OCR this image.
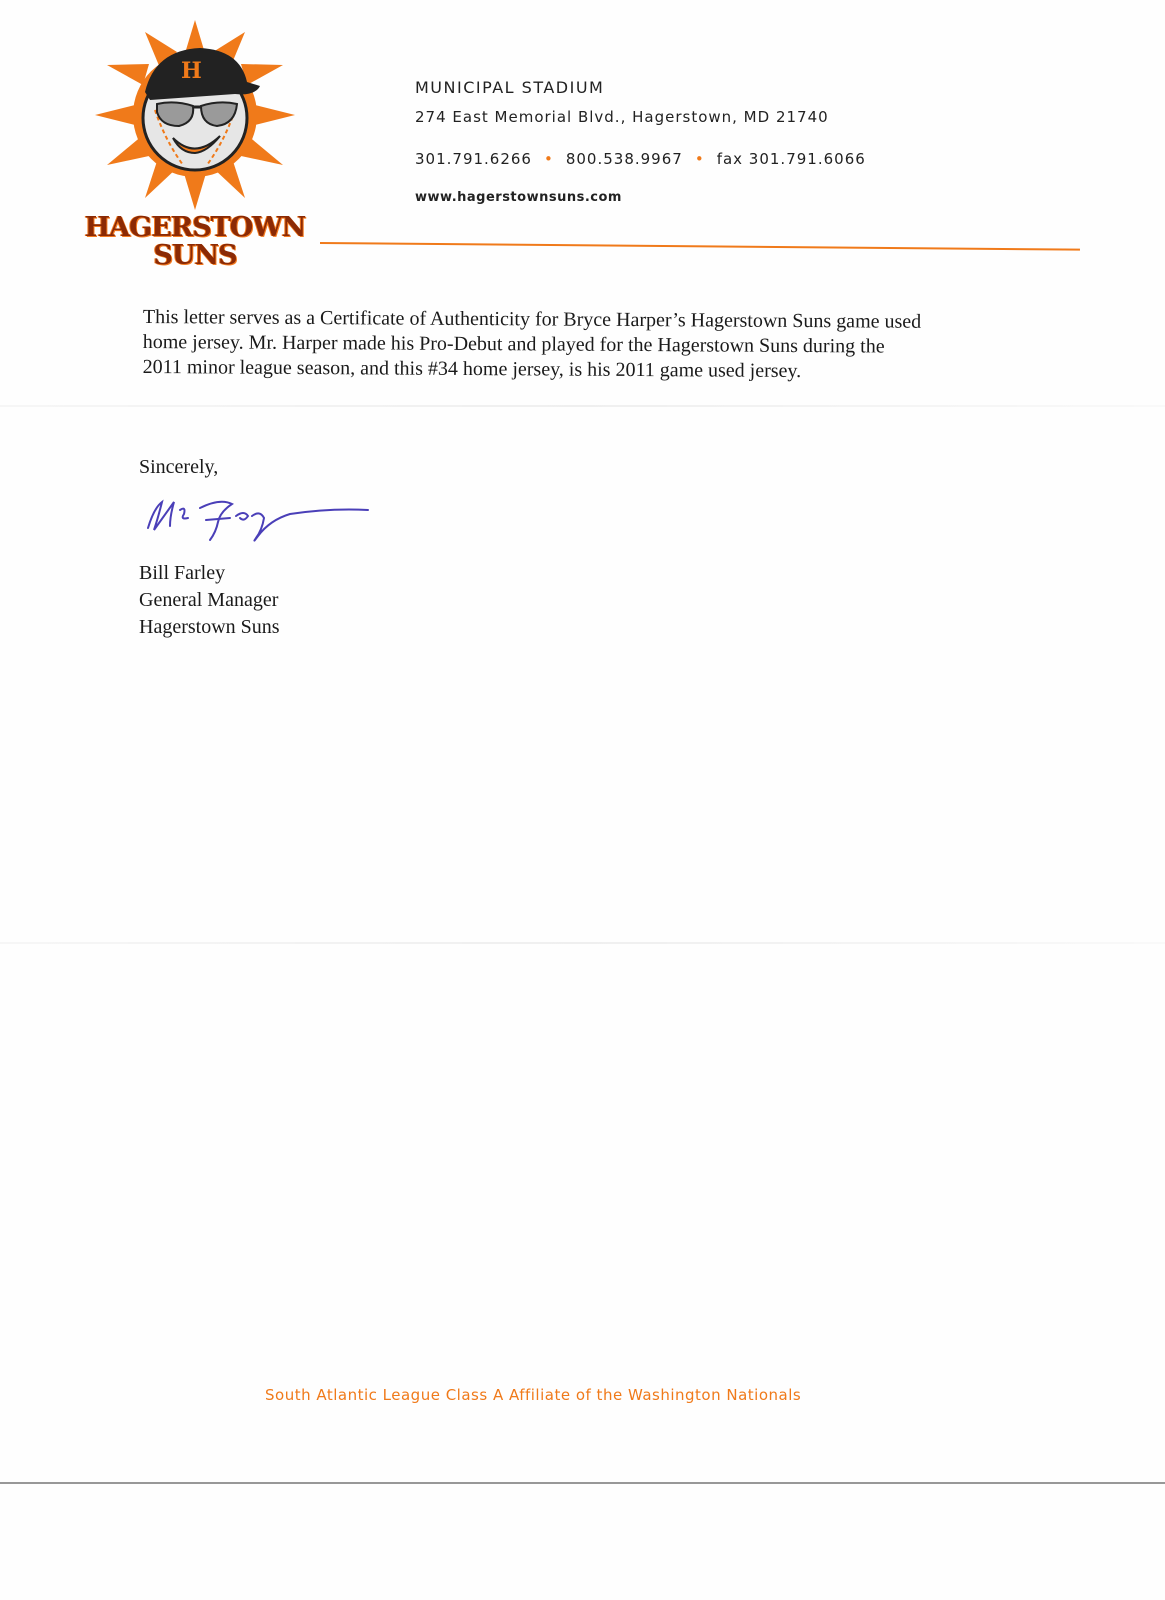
H
HAGERSTOWN
SUNS
MUNICIPAL STADIUM
274 East Memorial Blvd., Hagerstown, MD 21740
301.791.6266 • 800.538.9967 • fax 301.791.6066
www.hagerstownsuns.com
This letter serves as a Certificate of Authenticity for Bryce Harper’s Hagerstown Suns game used
home jersey. Mr. Harper made his Pro-Debut and played for the Hagerstown Suns during the
2011 minor league season, and this #34 home jersey, is his 2011 game used jersey.
Sincerely,
Bill Farley
General Manager
Hagerstown Suns
South Atlantic League Class A Affiliate of the Washington Nationals
